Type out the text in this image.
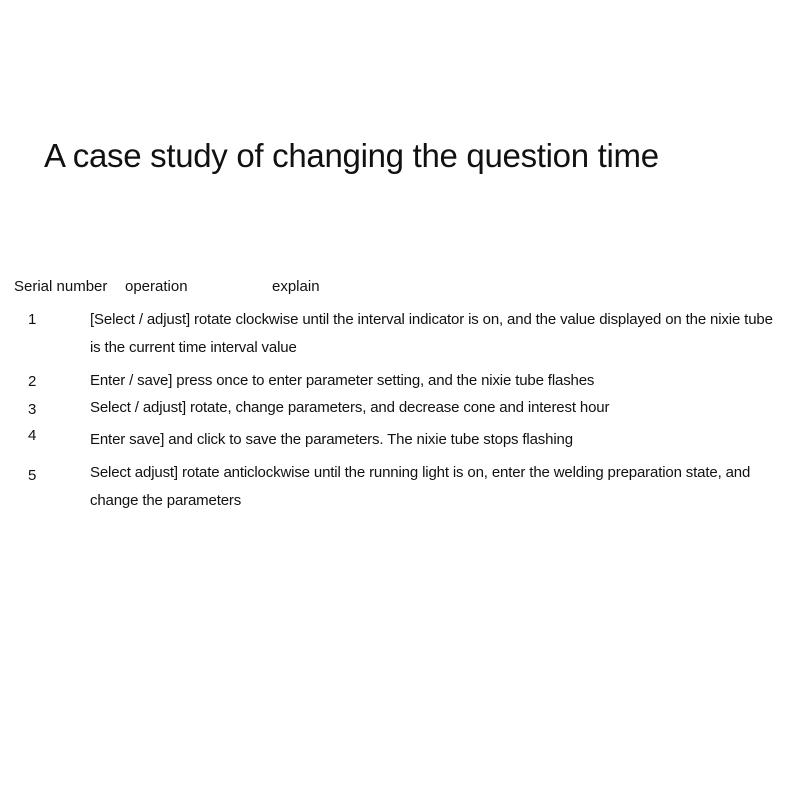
A case study of changing the question time
Serial number operation	explain
1	[Select / adjust] rotate clockwise until the interval indicator is on, and the value displayed on the nixie tube is the current time interval value
2	Enter / save] press once to enter parameter setting, and the nixie tube flashes
3	Select / adjust] rotate, change parameters, and decrease cone and interest hour
4	Enter save] and click to save the parameters. The nixie tube stops flashing
5	Select adjust] rotate anticlockwise until the running light is on, enter the welding preparation state, and change the parameters
